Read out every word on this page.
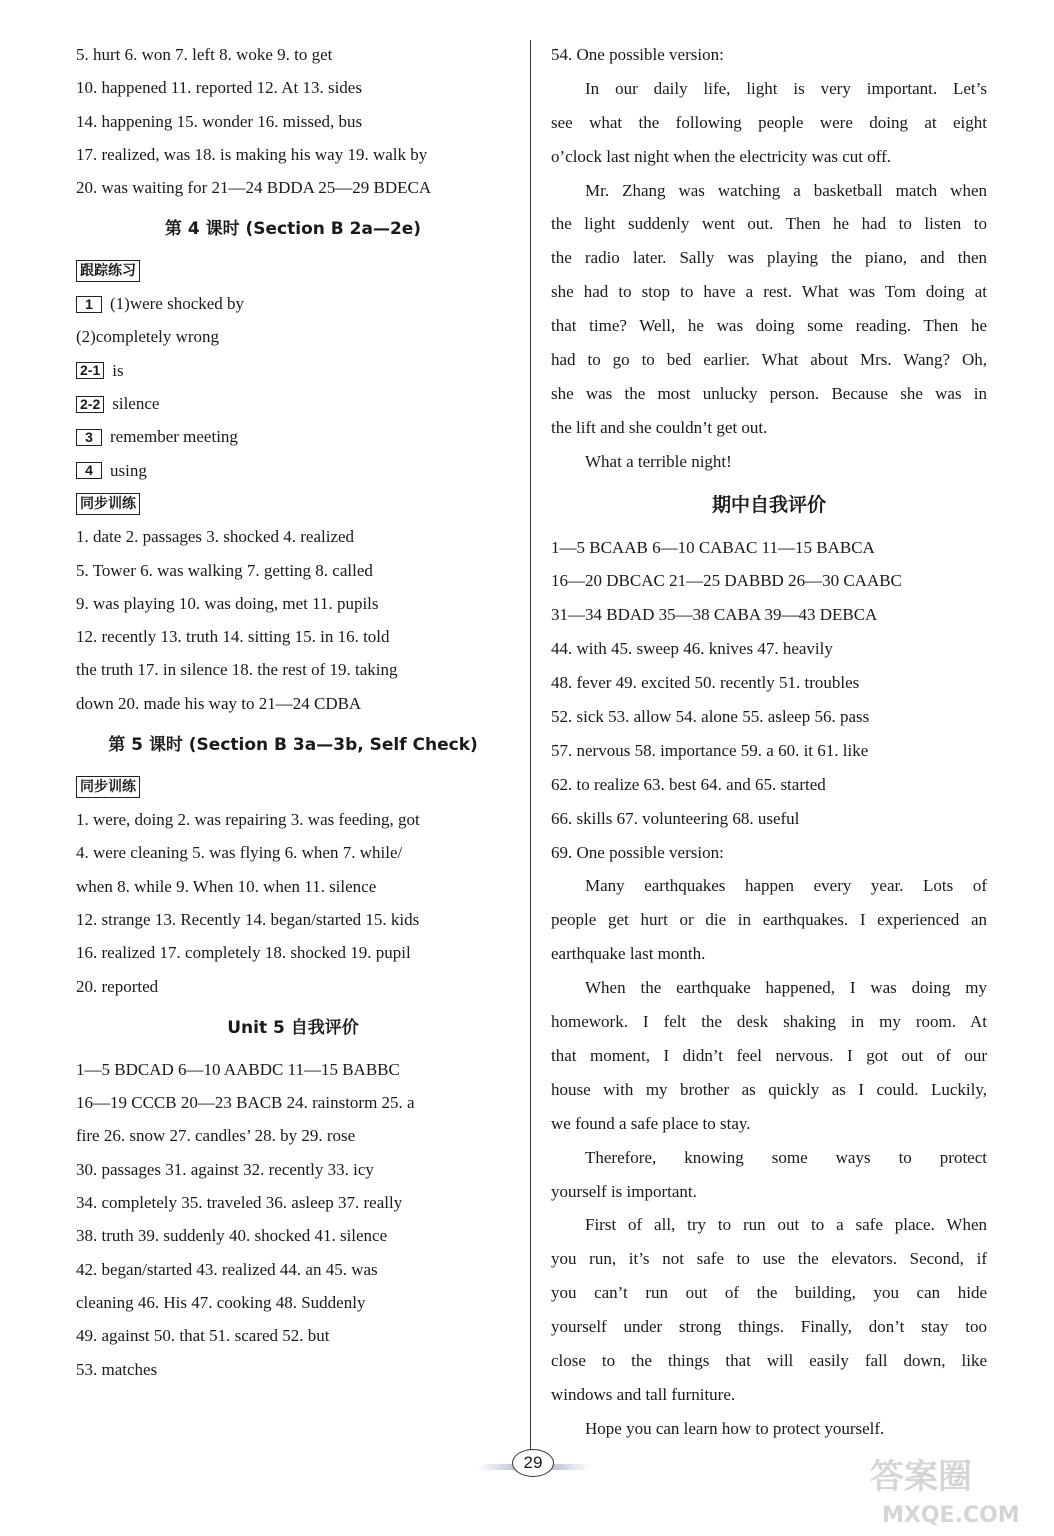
5. hurt 6. won 7. left 8. woke 9. to get
10. happened 11. reported 12. At 13. sides
14. happening 15. wonder 16. missed, bus
17. realized, was 18. is making his way 19. walk by
20. was waiting for 21—24 BDDA 25—29 BDECA
第 4 课时 (Section B 2a—2e)
跟踪练习
1	(1)were shocked by
(2)completely wrong
2-1 is
2-2 silence
3	remember meeting
4	using
同步训练
1. date 2. passages 3. shocked 4. realized
5. Tower 6. was walking 7. getting 8. called
9. was playing 10. was doing, met 11. pupils
12. recently 13. truth 14. sitting 15. in 16. told
the truth 17. in silence 18. the rest of 19. taking
down 20. made his way to 21—24 CDBA
第 5 课时 (Section B 3a—3b, Self Check)
同步训练
1. were, doing 2. was repairing 3. was feeding, got
4. were cleaning 5. was flying 6. when 7. while/
when 8. while 9. When 10. when 11. silence
12. strange 13. Recently 14. began/started 15. kids
16. realized 17. completely 18. shocked 19. pupil
20. reported
Unit 5 自我评价
1—5 BDCAD 6—10 AABDC 11—15 BABBC
16—19 CCCB 20—23 BACB 24. rainstorm 25. a
fire 26. snow 27. candles’ 28. by 29. rose
30. passages 31. against 32. recently 33. icy
34. completely 35. traveled 36. asleep 37. really
38. truth 39. suddenly 40. shocked 41. silence
42. began/started 43. realized 44. an 45. was
cleaning 46. His 47. cooking 48. Suddenly
49. against 50. that 51. scared 52. but
53. matches
54. One possible version:
In our daily life, light is very important. Let’s
see what the following people were doing at eight
o’clock last night when the electricity was cut off.
Mr. Zhang was watching a basketball match when
the light suddenly went out. Then he had to listen to
the radio later. Sally was playing the piano, and then
she had to stop to have a rest. What was Tom doing at
that time? Well, he was doing some reading. Then he
had to go to bed earlier. What about Mrs. Wang? Oh,
she was the most unlucky person. Because she was in
the lift and she couldn’t get out.
What a terrible night!
期中自我评价
1—5 BCAAB 6—10 CABAC 11—15 BABCA
16—20 DBCAC 21—25 DABBD 26—30 CAABC
31—34 BDAD 35—38 CABA 39—43 DEBCA
44. with 45. sweep 46. knives 47. heavily
48. fever 49. excited 50. recently 51. troubles
52. sick 53. allow 54. alone 55. asleep 56. pass
57. nervous 58. importance 59. a 60. it 61. like
62. to realize 63. best 64. and 65. started
66. skills 67. volunteering 68. useful
69. One possible version:
Many earthquakes happen every year. Lots of
people get hurt or die in earthquakes. I experienced an
earthquake last month.
When the earthquake happened, I was doing my
homework. I felt the desk shaking in my room. At
that moment, I didn’t feel nervous. I got out of our
house with my brother as quickly as I could. Luckily,
we found a safe place to stay.
Therefore, knowing some ways to protect
yourself is important.
First of all, try to run out to a safe place. When
you run, it’s not safe to use the elevators. Second, if
you can’t run out of the building, you can hide
yourself under strong things. Finally, don’t stay too
close to the things that will easily fall down, like
windows and tall furniture.
Hope you can learn how to protect yourself.
29	答案圈
MXQE.COM
